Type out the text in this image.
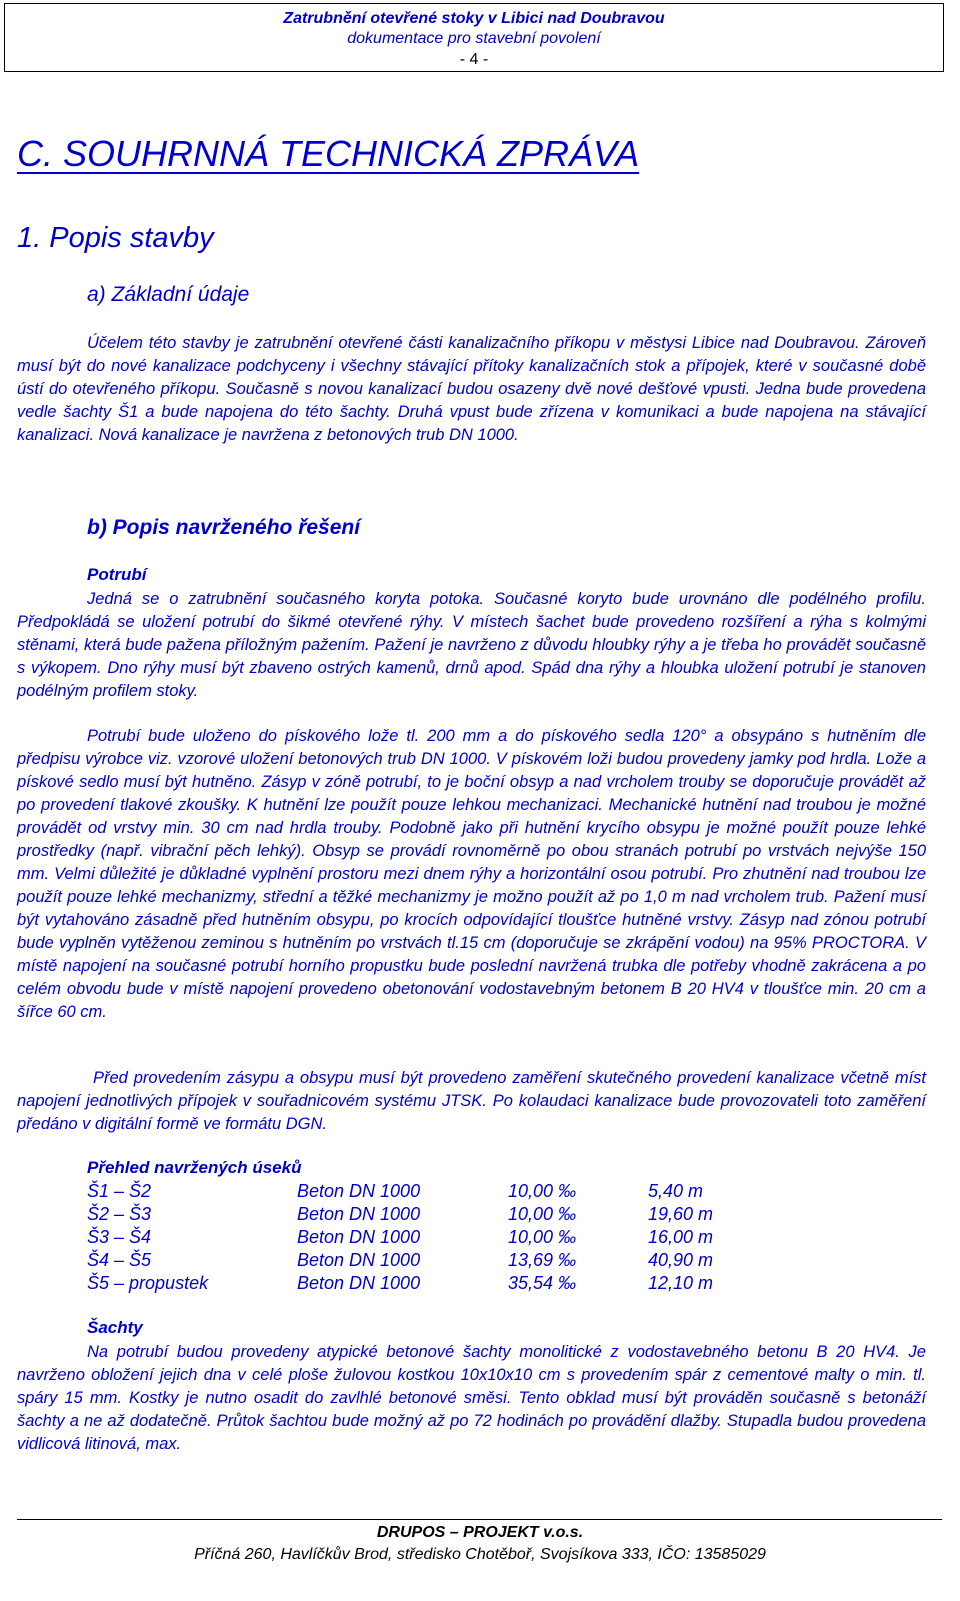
Zatrubnění otevřené stoky v Libici nad Doubravou
dokumentace pro stavební povolení
- 4 -
C. SOUHRNNÁ TECHNICKÁ ZPRÁVA
1. Popis stavby
a) Základní údaje

Účelem této stavby je zatrubnění otevřené části kanalizačního příkopu v městysi Libice nad Doubravou. Zároveň musí být do nové kanalizace podchyceny i všechny stávající přítoky kanalizačních stok a přípojek, které v současné době ústí do otevřeného příkopu. Současně s novou kanalizací budou osazeny dvě nové dešťové vpusti. Jedna bude provedena vedle šachty Š1 a bude napojena do této šachty. Druhá vpust bude zřízena v komunikaci a bude napojena na stávající kanalizaci. Nová kanalizace je navržena z betonových trub DN 1000.

b) Popis navrženého řešení

Potrubí

Jedná se o zatrubnění současného koryta potoka. Současné koryto bude urovnáno dle podélného profilu. Předpokládá se uložení potrubí do šikmé otevřené rýhy. V místech šachet bude provedeno rozšíření a rýha s kolmými stěnami, která bude pažena příložným pažením. Pažení je navrženo z důvodu hloubky rýhy a je třeba ho provádět současně s výkopem. Dno rýhy musí být zbaveno ostrých kamenů, drnů apod. Spád dna rýhy a hloubka uložení potrubí je stanoven podélným profilem stoky.

Potrubí bude uloženo do pískového lože tl. 200 mm a do pískového sedla 120° a obsypáno s hutněním dle předpisu výrobce viz. vzorové uložení betonových trub DN 1000. V pískovém loži budou provedeny jamky pod hrdla. Lože a pískové sedlo musí být hutněno. Zásyp v zóně potrubí, to je boční obsyp a nad vrcholem trouby se doporučuje provádět až po provedení tlakové zkoušky. K hutnění lze použít pouze lehkou mechanizaci. Mechanické hutnění nad troubou je možné provádět od vrstvy min. 30 cm nad hrdla trouby. Podobně jako při hutnění krycího obsypu je možné použít pouze lehké prostředky (např. vibrační pěch lehký). Obsyp se provádí rovnoměrně po obou stranách potrubí po vrstvách nejvýše 150 mm. Velmi důležité je důkladné vyplnění prostoru mezi dnem rýhy a horizontální osou potrubí. Pro zhutnění nad troubou lze použít pouze lehké mechanizmy, střední a těžké mechanizmy je možno použít až po 1,0 m nad vrcholem trub. Pažení musí být vytahováno zásadně před hutněním obsypu, po krocích odpovídající tloušťce hutněné vrstvy. Zásyp nad zónou potrubí bude vyplněn vytěženou zeminou s hutněním po vrstvách tl.15 cm (doporučuje se zkrápění vodou) na 95% PROCTORA. V místě napojení na současné potrubí horního propustku bude poslední navržená trubka dle potřeby vhodně zakrácena a po celém obvodu bude v místě napojení provedeno obetonování vodostavebným betonem B 20 HV4 v tloušťce min. 20 cm a šířce 60 cm.

Před provedením zásypu a obsypu musí být provedeno zaměření skutečného provedení kanalizace včetně míst napojení jednotlivých přípojek v souřadnicovém systému JTSK. Po kolaudaci kanalizace bude provozovateli toto zaměření předáno v digitální formě ve formátu DGN.

Přehled navržených úseků

Š1 – Š2	Beton DN 1000	10,00 ‰	5,40 m
Š2 – Š3	Beton DN 1000	10,00 ‰	19,60 m
Š3 – Š4	Beton DN 1000	10,00 ‰	16,00 m
Š4 – Š5	Beton DN 1000	13,69 ‰	40,90 m
Š5 – propustek	Beton DN 1000	35,54 ‰	12,10 m

Šachty

Na potrubí budou provedeny atypické betonové šachty monolitické z vodostavebného betonu B 20 HV4. Je navrženo obložení jejich dna v celé ploše žulovou kostkou 10x10x10 cm s provedením spár z cementové malty o min. tl. spáry 15 mm. Kostky je nutno osadit do zavlhlé betonové směsi. Tento obklad musí být prováděn současně s betonáží šachty a ne až dodatečně. Průtok šachtou bude možný až po 72 hodinách po provádění dlažby. Stupadla budou provedena vidlicová litinová, max.

DRUPOS – PROJEKT v.o.s.
Příčná 260, Havlíčkův Brod, středisko Chotěboř, Svojsíkova 333, IČO: 13585029
